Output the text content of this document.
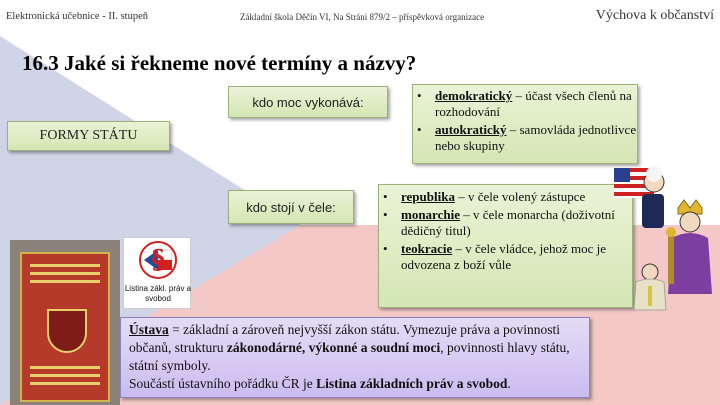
Elektronická učebnice - II. stupeň	Základní škola Děčín VI, Na Stráni 879/2 – příspěvková organizace	Výchova k občanství
16.3 Jaké si řekneme nové termíny a názvy?
FORMY STÁTU
kdo moc vykonává:	• demokratický – účast všech členů na rozhodování
• autokratický – samovláda jednotlivce nebo skupiny
kdo stojí v čele:
• republika – v čele volený zástupce
• monarchie – v čele monarcha (doživotní dědičný titul)
• teokracie – v čele vládce, jehož moc je odvozena z boží vůle

Ústava = základní a zároveň nejvyšší zákon státu. Vymezuje práva a povinnosti občanů, strukturu zákonodárné, výkonné a soudní moci, povinnosti hlavy státu, státní symboly.
Součástí ústavního pořádku ČR je Listina základních práv a svobod.

§
Listina zákl. práv a svobod
